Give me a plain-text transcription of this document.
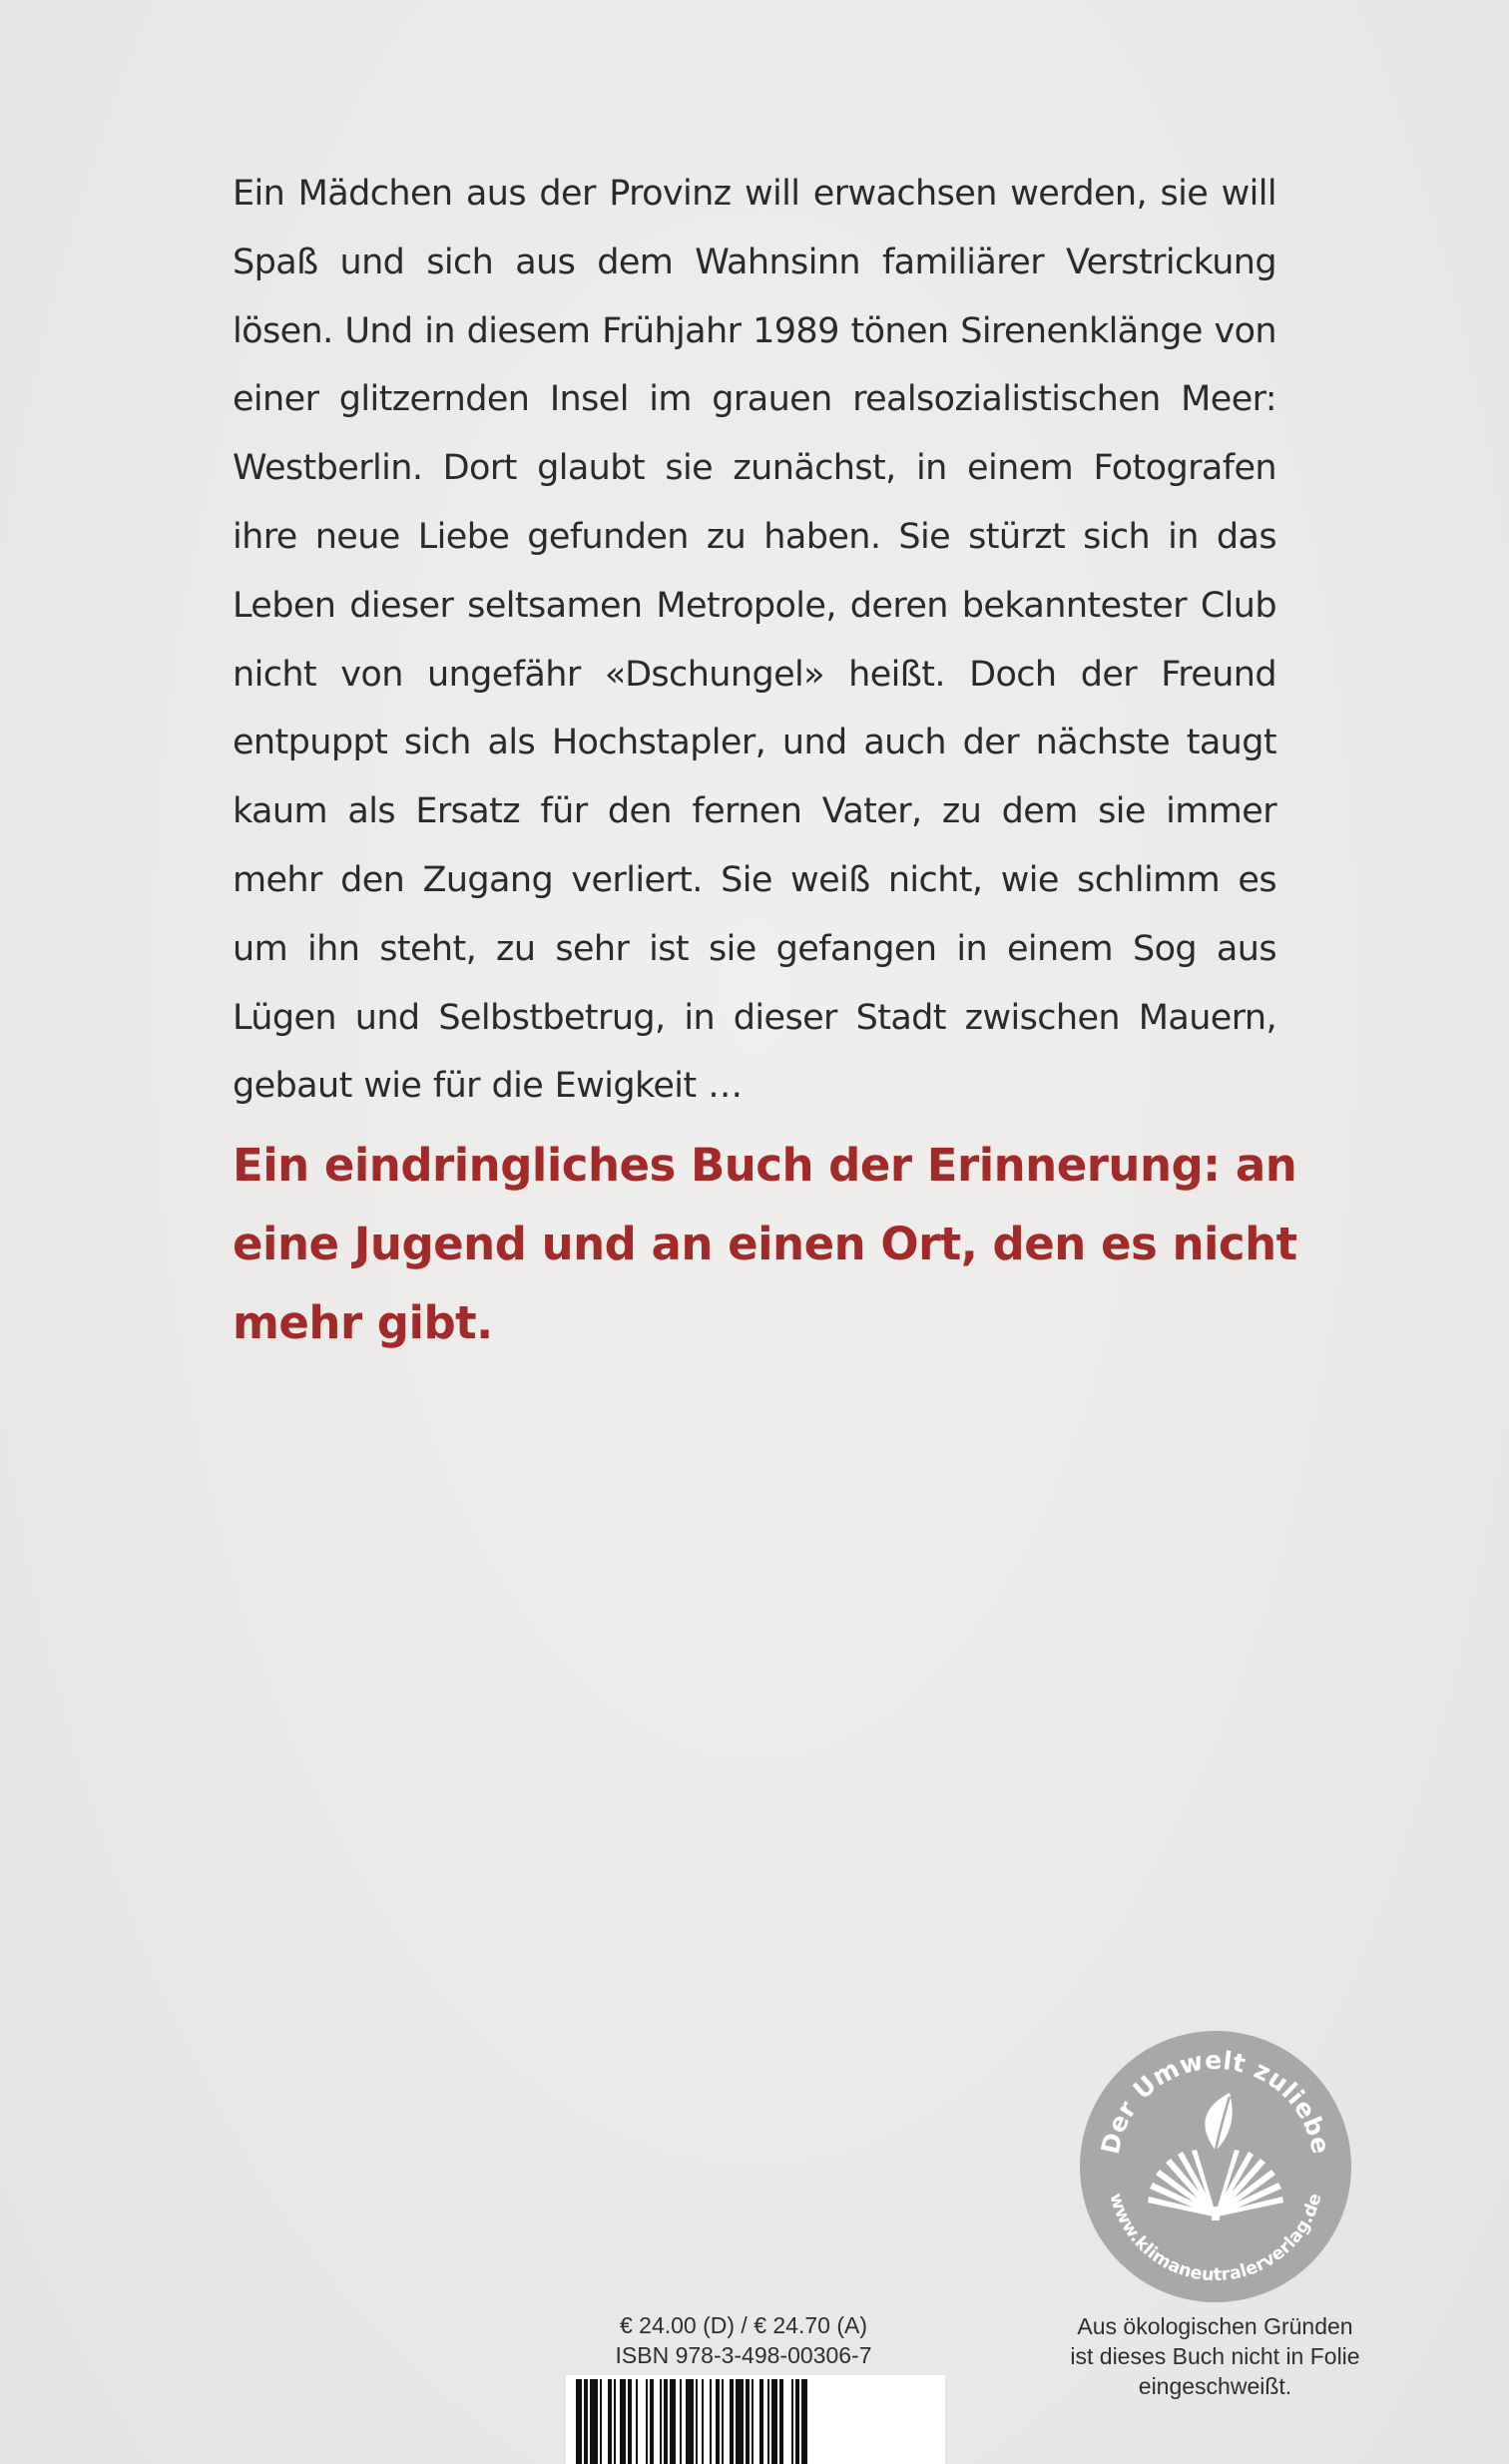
Ein Mädchen aus der Provinz will erwachsen werden, sie will Spaß und sich aus dem Wahnsinn familiärer Verstrickung lösen. Und in diesem Frühjahr 1989 tönen Sirenenklänge von einer glitzernden Insel im grauen realsozialistischen Meer: Westberlin. Dort glaubt sie zunächst, in einem Fotografen ihre neue Liebe gefunden zu haben. Sie stürzt sich in das Leben dieser seltsamen Metropole, deren bekanntester Club nicht von ungefähr «Dschungel» heißt. Doch der Freund entpuppt sich als Hochstapler, und auch der nächste taugt kaum als Ersatz für den fernen Vater, zu dem sie immer mehr den Zugang verliert. Sie weiß nicht, wie schlimm es um ihn steht, zu sehr ist sie gefangen in einem Sog aus Lügen und Selbstbetrug, in dieser Stadt zwischen Mauern, gebaut wie für die Ewigkeit …

Ein eindringliches Buch der Erinnerung: an eine Jugend und an einen Ort, den es nicht mehr gibt.

Der Umwelt zuliebe
www.klimaneutralerverlag.de
Aus ökologischen Gründen
ist dieses Buch nicht in Folie
eingeschweißt.
€ 24.00 (D) / € 24.70 (A)
ISBN 978-3-498-00306-7
